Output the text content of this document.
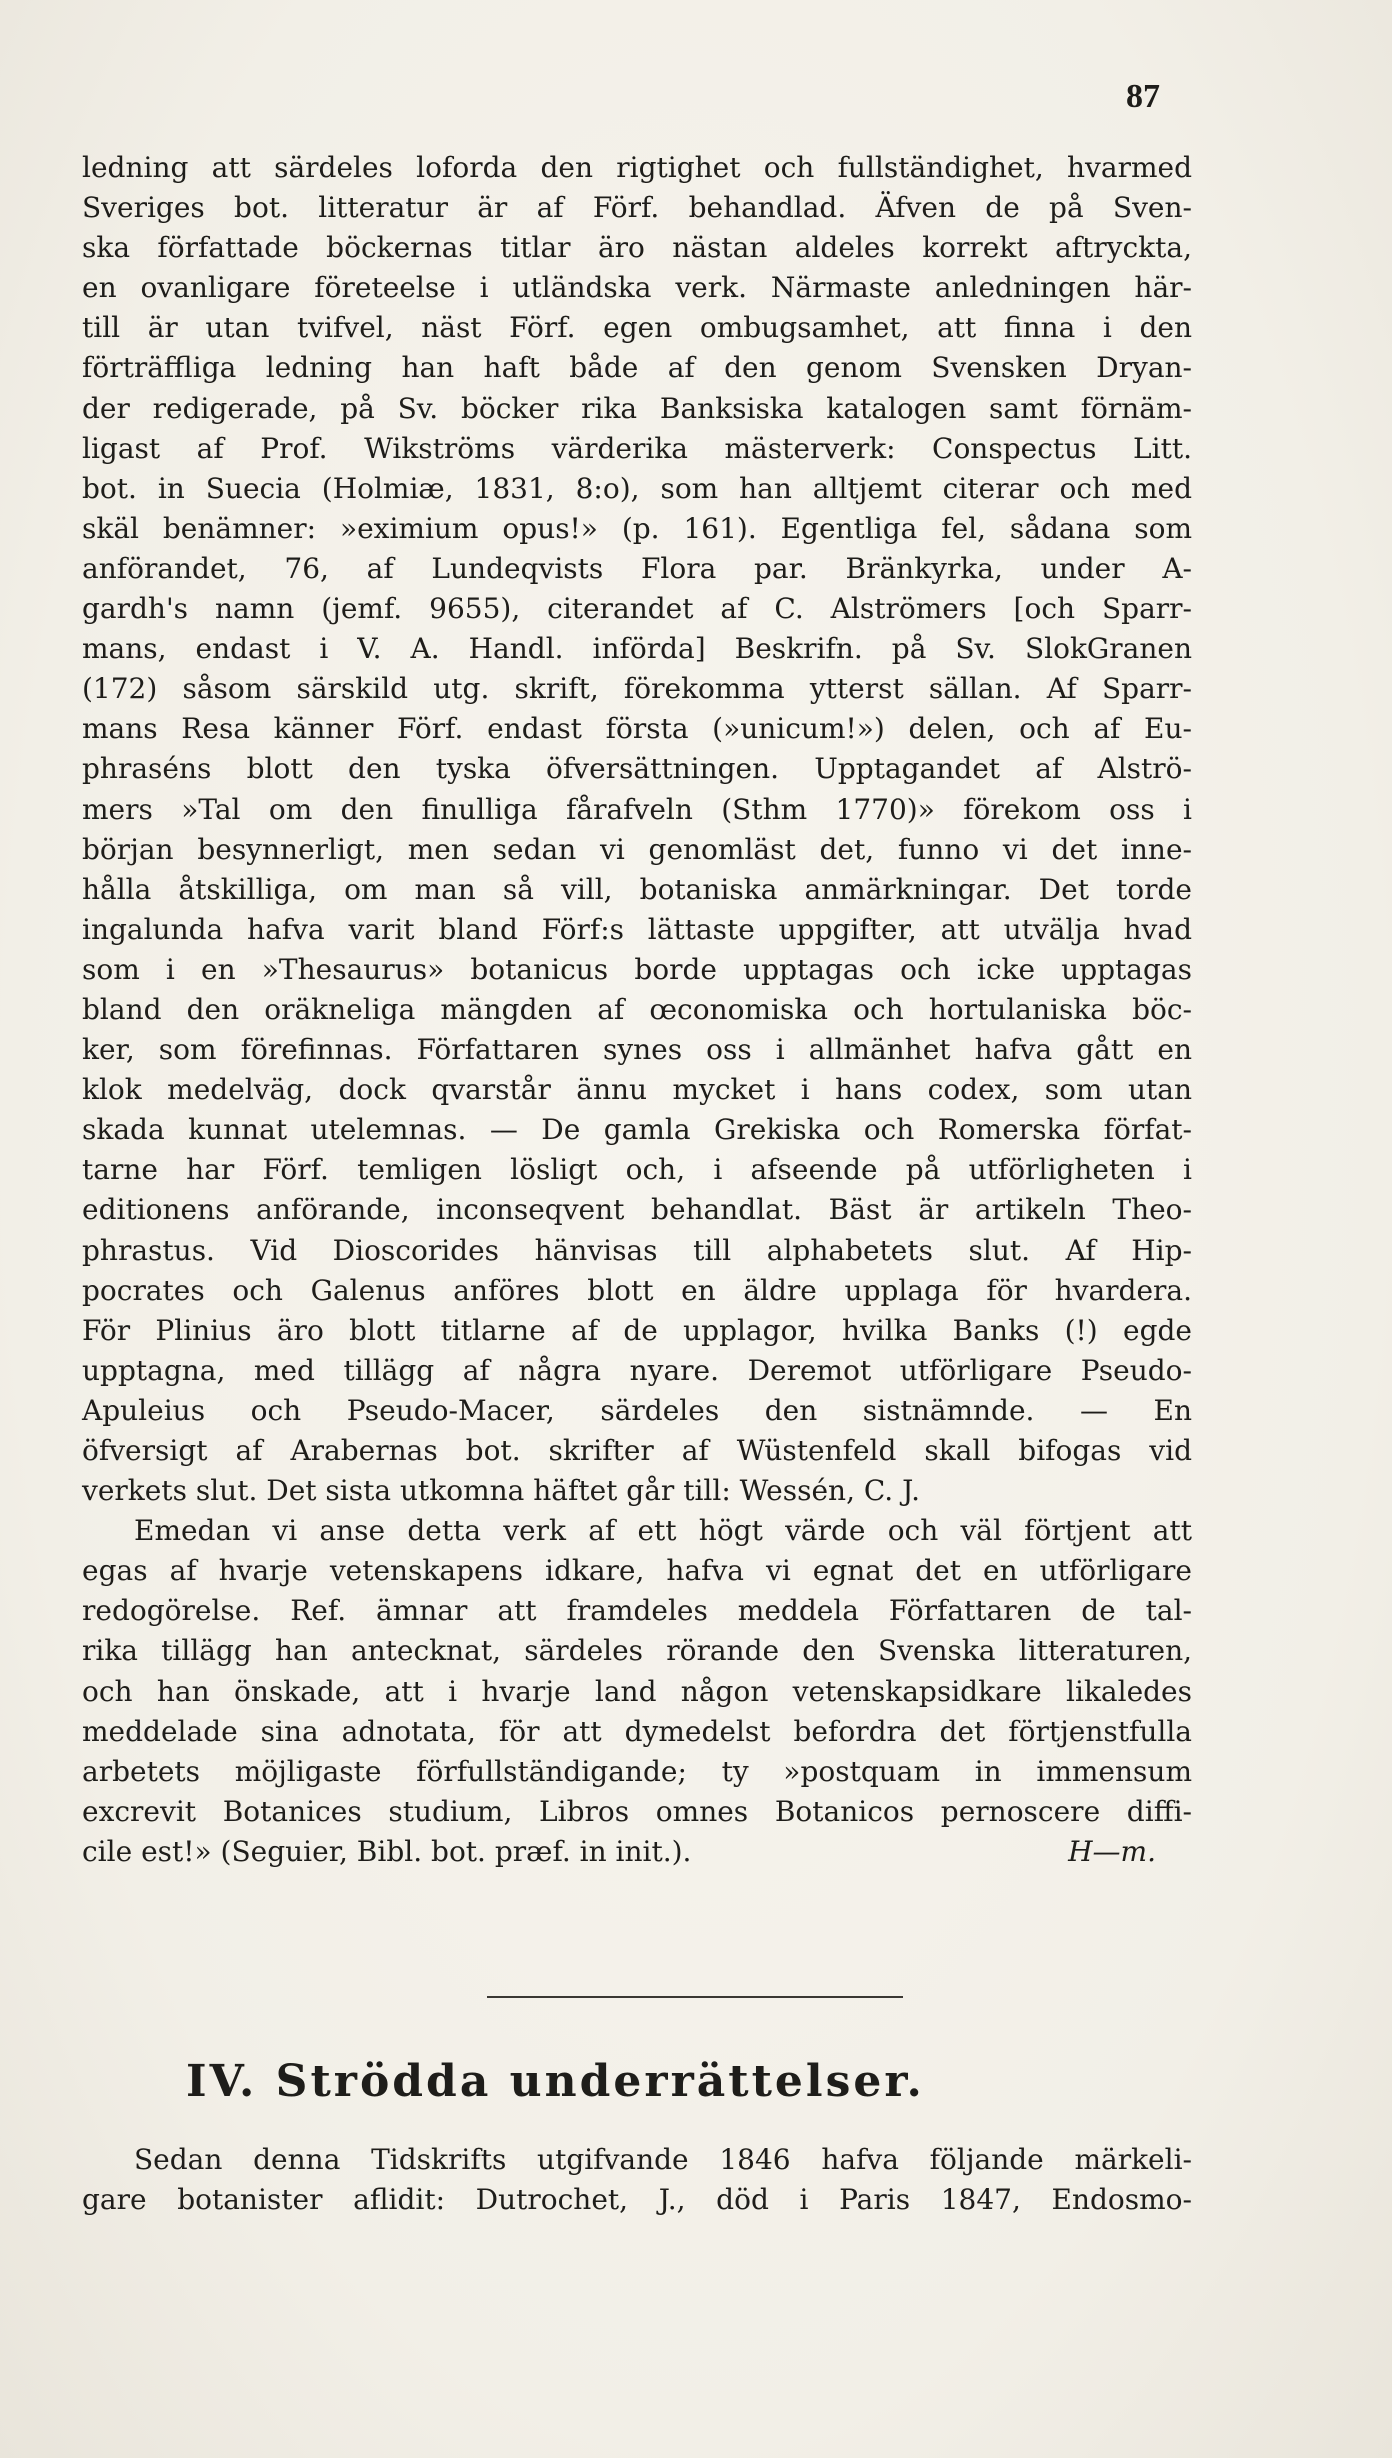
87
ledning att särdeles loforda den rigtighet och fullständighet, hvarmed
Sveriges bot. litteratur är af Förf. behandlad. Äfven de på Sven-
ska författade böckernas titlar äro nästan aldeles korrekt aftryckta,
en ovanligare företeelse i utländska verk. Närmaste anledningen här-
till är utan tvifvel, näst Förf. egen ombugsamhet, att finna i den
förträffliga ledning han haft både af den genom Svensken Dryan-
der redigerade, på Sv. böcker rika Banksiska katalogen samt förnäm-
ligast af Prof. Wikströms värderika mästerverk: Conspectus Litt.
bot. in Suecia (Holmiæ, 1831, 8:o), som han alltjemt citerar och med
skäl benämner: »eximium opus!» (p. 161). Egentliga fel, sådana som
anförandet, 76, af Lundeqvists Flora par. Bränkyrka, under A-
gardh's namn (jemf. 9655), citerandet af C. Alströmers [och Sparr-
mans, endast i V. A. Handl. införda] Beskrifn. på Sv. SlokGranen
(172) såsom särskild utg. skrift, förekomma ytterst sällan. Af Sparr-
mans Resa känner Förf. endast första (»unicum!») delen, och af Eu-
phraséns blott den tyska öfversättningen. Upptagandet af Alströ-
mers »Tal om den finulliga fårafveln (Sthm 1770)» förekom oss i
början besynnerligt, men sedan vi genomläst det, funno vi det inne-
hålla åtskilliga, om man så vill, botaniska anmärkningar. Det torde
ingalunda hafva varit bland Förf:s lättaste uppgifter, att utvälja hvad
som i en »Thesaurus» botanicus borde upptagas och icke upptagas
bland den oräkneliga mängden af œconomiska och hortulaniska böc-
ker, som förefinnas. Författaren synes oss i allmänhet hafva gått en
klok medelväg, dock qvarstår ännu mycket i hans codex, som utan
skada kunnat utelemnas. — De gamla Grekiska och Romerska förfat-
tarne har Förf. temligen lösligt och, i afseende på utförligheten i
editionens anförande, inconseqvent behandlat. Bäst är artikeln Theo-
phrastus. Vid Dioscorides hänvisas till alphabetets slut. Af Hip-
pocrates och Galenus anföres blott en äldre upplaga för hvardera.
För Plinius äro blott titlarne af de upplagor, hvilka Banks (!) egde
upptagna, med tillägg af några nyare. Deremot utförligare Pseudo-
Apuleius och Pseudo-Macer, särdeles den sistnämnde. — En
öfversigt af Arabernas bot. skrifter af Wüstenfeld skall bifogas vid
verkets slut. Det sista utkomna häftet går till: Wessén, C. J.
Emedan vi anse detta verk af ett högt värde och väl förtjent att
egas af hvarje vetenskapens idkare, hafva vi egnat det en utförligare
redogörelse. Ref. ämnar att framdeles meddela Författaren de tal-
rika tillägg han antecknat, särdeles rörande den Svenska litteraturen,
och han önskade, att i hvarje land någon vetenskapsidkare likaledes
meddelade sina adnotata, för att dymedelst befordra det förtjenstfulla
arbetets möjligaste förfullständigande; ty »postquam in immensum
excrevit Botanices studium, Libros omnes Botanicos pernoscere diffi-
cile est!» (Seguier, Bibl. bot. præf. in init.).	H—m.
IV. Strödda underrättelser.
Sedan denna Tidskrifts utgifvande 1846 hafva följande märkeli-
gare botanister aflidit: Dutrochet, J., död i Paris 1847, Endosmo-
